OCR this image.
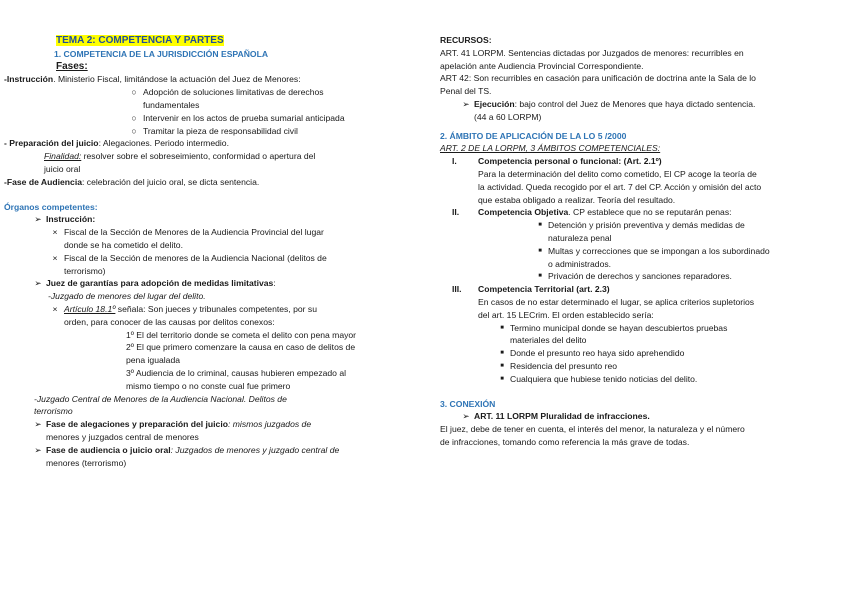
TEMA 2: COMPETENCIA Y PARTES
1. COMPETENCIA DE LA JURISDICCIÓN ESPAÑOLA
Fases:
-Instrucción. Ministerio Fiscal, limitándose la actuación del Juez de Menores:
○ Adopción de soluciones limitativas de derechos
fundamentales
○ Intervenir en los actos de prueba sumarial anticipada
○ Tramitar la pieza de responsabilidad civil
- Preparación del juicio: Alegaciones. Periodo intermedio.
Finalidad: resolver sobre el sobreseimiento, conformidad o apertura del
juicio oral
-Fase de Audiencia: celebración del juicio oral, se dicta sentencia.
Órganos competentes:
➢ Instrucción:
× Fiscal de la Sección de Menores de la Audiencia Provincial del lugar
donde se ha cometido el delito.
× Fiscal de la Sección de menores de la Audiencia Nacional (delitos de
terrorismo)
➢ Juez de garantías para adopción de medidas limitativas:
-Juzgado de menores del lugar del delito.
× Artículo 18.1º señala: Son jueces y tribunales competentes, por su
orden, para conocer de las causas por delitos conexos:
1º El del territorio donde se cometa el delito con pena mayor
2º El que primero comenzare la causa en caso de delitos de
pena igualada
3º Audiencia de lo criminal, causas hubieren empezado al
mismo tiempo o no conste cual fue primero
-Juzgado Central de Menores de la Audiencia Nacional. Delitos de
terrorismo
➢ Fase de alegaciones y preparación del juicio: mismos juzgados de
menores y juzgados central de menores
➢ Fase de audiencia o juicio oral: Juzgados de menores y juzgado central de
menores (terrorismo)
RECURSOS:
ART. 41 LORPM. Sentencias dictadas por Juzgados de menores: recurribles en
apelación ante Audiencia Provincial Correspondiente.
ART 42: Son recurribles en casación para unificación de doctrina ante la Sala de lo
Penal del TS.
➢ Ejecución: bajo control del Juez de Menores que haya dictado sentencia.
(44 a 60 LORPM)
2. ÁMBITO DE APLICACIÓN DE LA LO 5 /2000
ART. 2 DE LA LORPM, 3 ÁMBITOS COMPETENCIALES:
I.	Competencia personal o funcional: (Art. 2.1º)
Para la determinación del delito como cometido, El CP acoge la teoría de
la actividad. Queda recogido por el art. 7 del CP. Acción y omisión del acto
que estaba obligado a realizar. Teoría del resultado.
II.	Competencia Objetiva. CP establece que no se reputarán penas:
■ Detención y prisión preventiva y demás medidas de
naturaleza penal
■ Multas y correcciones que se impongan a los subordinado
o administrados.
■ Privación de derechos y sanciones reparadores.
III.	Competencia Territorial (art. 2.3)
En casos de no estar determinado el lugar, se aplica criterios supletorios
del art. 15 LECrim. El orden establecido sería:
■ Termino municipal donde se hayan descubiertos pruebas
materiales del delito
■ Donde el presunto reo haya sido aprehendido
■ Residencia del presunto reo
■ Cualquiera que hubiese tenido noticias del delito.
3. CONEXIÓN
➢ ART. 11 LORPM Pluralidad de infracciones.
El juez, debe de tener en cuenta, el interés del menor, la naturaleza y el número
de infracciones, tomando como referencia la más grave de todas.
